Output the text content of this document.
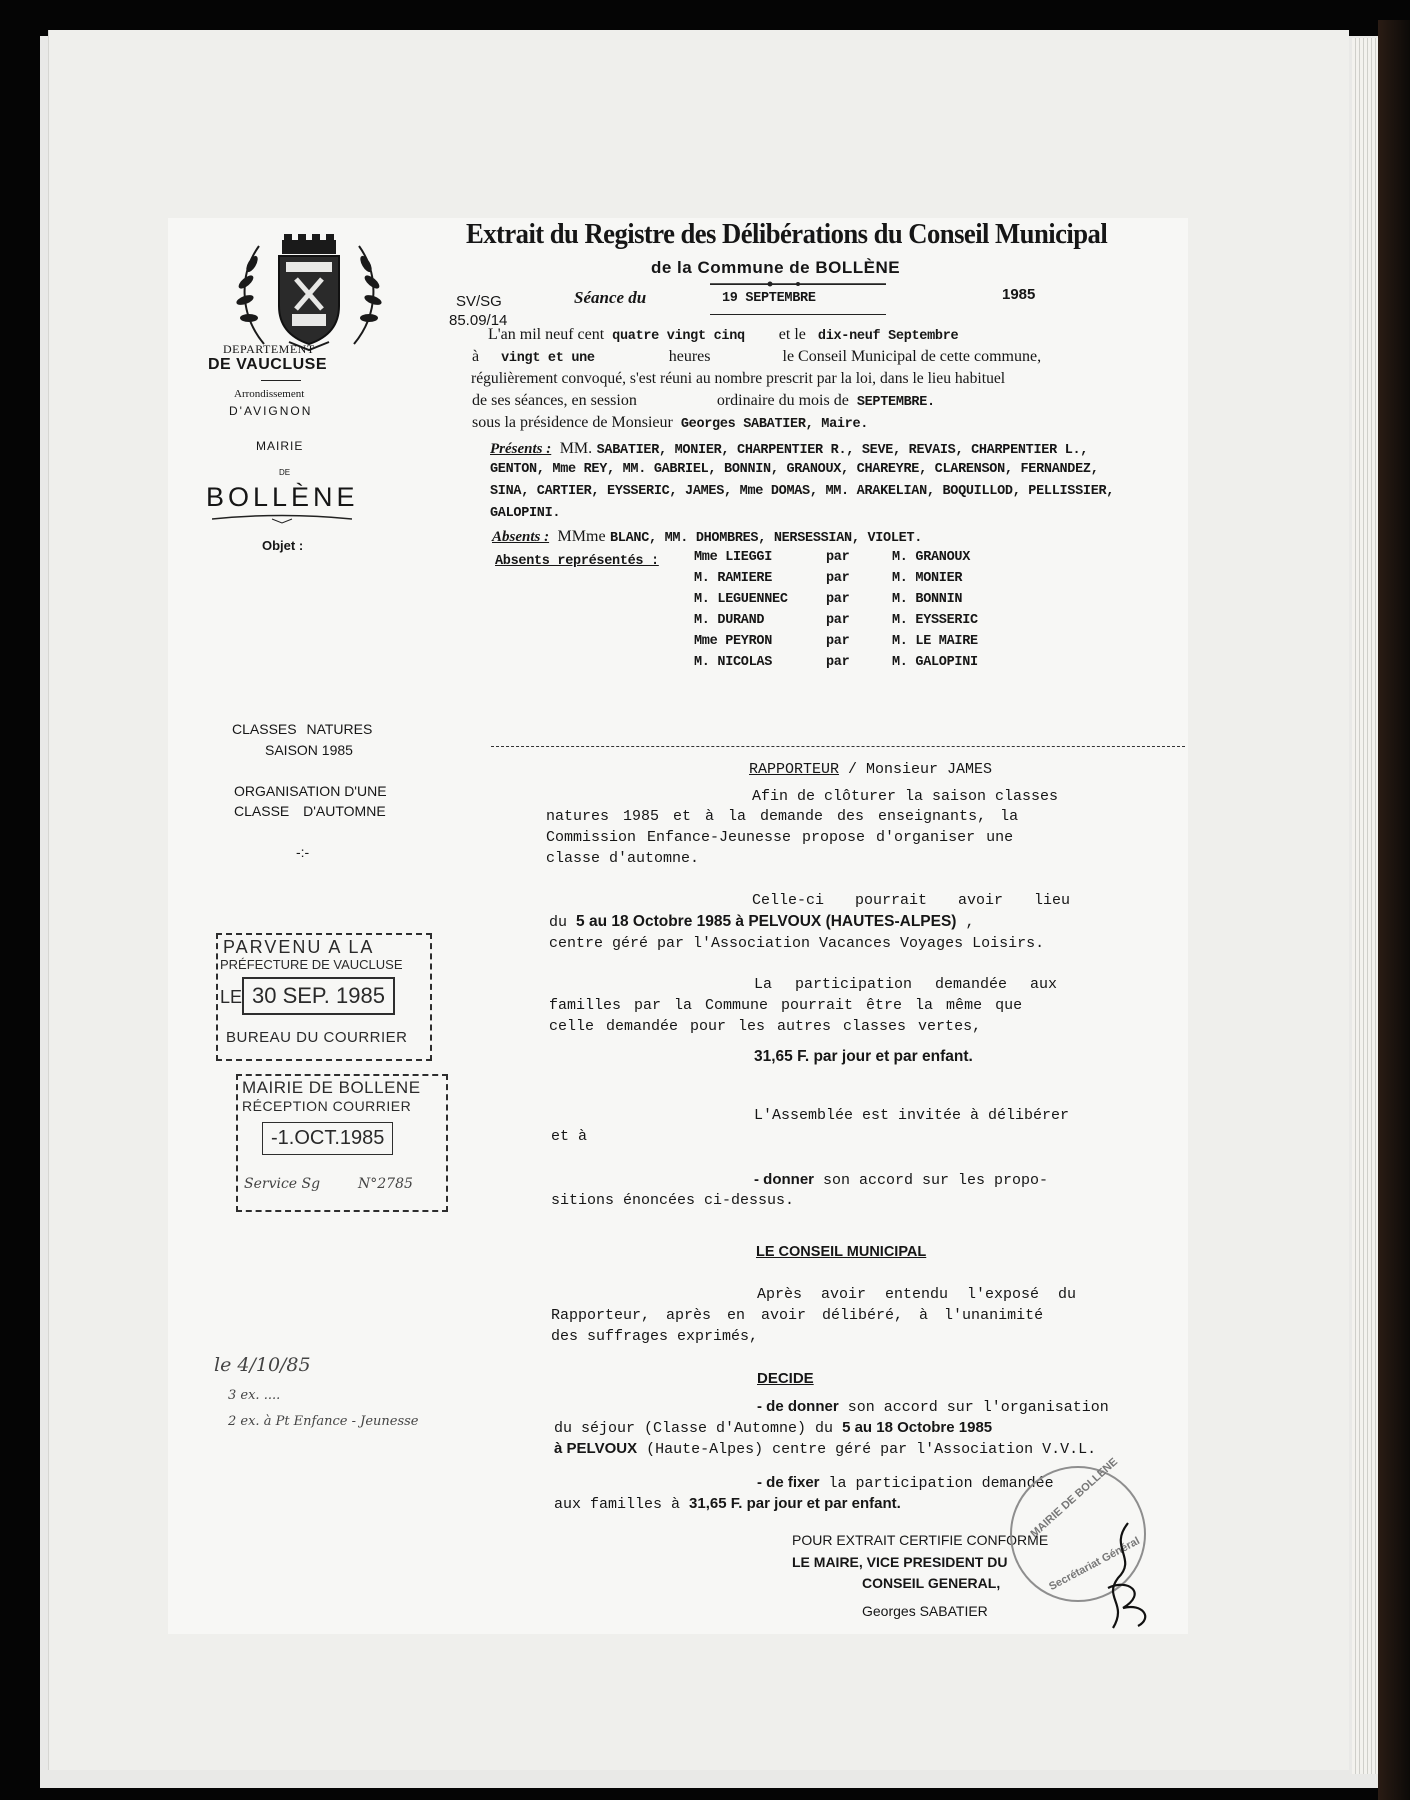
DEPARTEMENT
DE VAUCLUSE
Arrondissement
D'AVIGNON
MAIRIE
DE
BOLLÈNE
Objet :
Extrait du Registre des Délibérations du Conseil Municipal
de la Commune de BOLLÈNE
SV/SG
85.09/14
Séance du	19 SEPTEMBRE	1985
L'an mil neuf cent quatre vingt cinq et le dix-neuf Septembre
à vingt et une	heures	le Conseil Municipal de cette commune,
régulièrement convoqué, s'est réuni au nombre prescrit par la loi, dans le lieu habituel
de ses séances, en session	ordinaire du mois de SEPTEMBRE.
sous la présidence de Monsieur Georges SABATIER, Maire.
Présents : MM. SABATIER, MONIER, CHARPENTIER R., SEVE, REVAIS, CHARPENTIER L.,
GENTON, Mme REY, MM. GABRIEL, BONNIN, GRANOUX, CHAREYRE, CLARENSON, FERNANDEZ,
SINA, CARTIER, EYSSERIC, JAMES, Mme DOMAS, MM. ARAKELIAN, BOQUILLOD, PELLISSIER,
GALOPINI.
Absents : MMme BLANC, MM. DHOMBRES, NERSESSIAN, VIOLET.
Absents représentés :	Mme LIEGGI	par	M. GRANOUX
M. RAMIERE	par	M. MONIER
M. LEGUENNEC	par	M. BONNIN
M. DURAND	par	M. EYSSERIC
Mme PEYRON	par	M. LE MAIRE
M. NICOLAS	par	M. GALOPINI
CLASSES NATURES
SAISON 1985
ORGANISATION D'UNE
CLASSE D'AUTOMNE
-:-
RAPPORTEUR / Monsieur JAMES
Afin de clôturer la saison classes
natures 1985 et à la demande des enseignants, la
Commission Enfance-Jeunesse propose d'organiser une
classe d'automne.
Celle-ci pourrait avoir lieu
du 5 au 18 Octobre 1985 à PELVOUX (HAUTES-ALPES) ,
centre géré par l'Association Vacances Voyages Loisirs.
La participation demandée aux
familles par la Commune pourrait être la même que
celle demandée pour les autres classes vertes,
31,65 F. par jour et par enfant.
L'Assemblée est invitée à délibérer
et à
- donner son accord sur les propo-
sitions énoncées ci-dessus.
LE CONSEIL MUNICIPAL
Après avoir entendu l'exposé du
Rapporteur, après en avoir délibéré, à l'unanimité
des suffrages exprimés,
DECIDE
- de donner son accord sur l'organisation
du séjour (Classe d'Automne) du 5 au 18 Octobre 1985
à PELVOUX (Haute-Alpes) centre géré par l'Association V.V.L.
- de fixer la participation demandée
aux familles à 31,65 F. par jour et par enfant.
POUR EXTRAIT CERTIFIE CONFORME
LE MAIRE, VICE PRESIDENT DU
CONSEIL GENERAL,
Georges SABATIER
MAIRIE DE BOLLENE
Secrétariat Général
PARVENU A LA
PRÉFECTURE DE VAUCLUSE
LE 30 SEP. 1985
BUREAU DU COURRIER
MAIRIE DE BOLLENE
RÉCEPTION COURRIER
-1.OCT.1985
Service Sg	N°2785
le 4/10/85
3 ex. ....
2 ex. à Pt Enfance - Jeunesse
